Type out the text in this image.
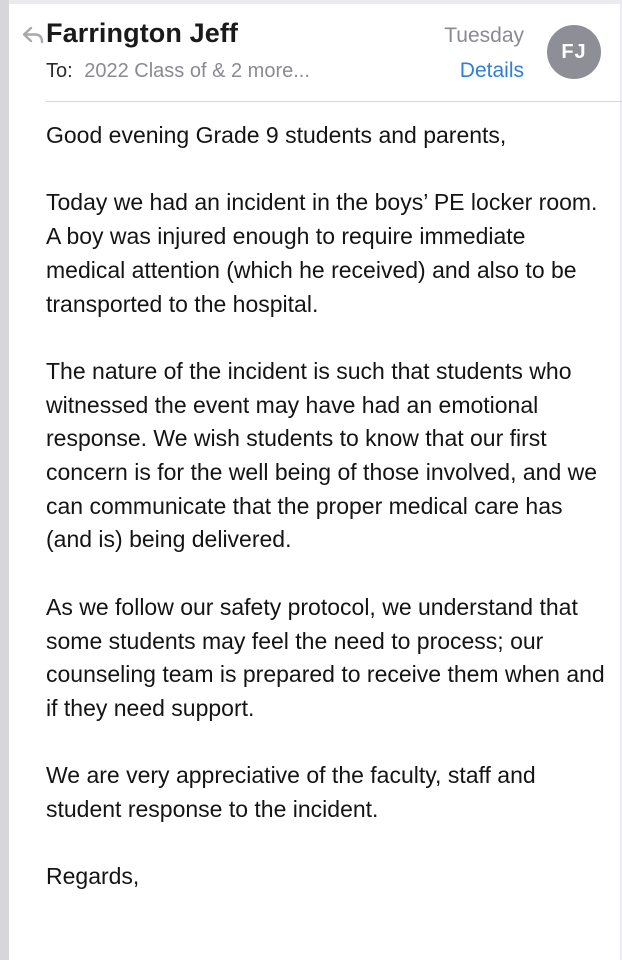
Farrington Jeff
To: 2022 Class of & 2 more...
Tuesday
Details
FJ

Good evening Grade 9 students and parents,

Today we had an incident in the boys’ PE locker room. A boy was injured enough to require immediate medical attention (which he received) and also to be transported to the hospital.

The nature of the incident is such that students who witnessed the event may have had an emotional response. We wish students to know that our first concern is for the well being of those involved, and we can communicate that the proper medical care has (and is) being delivered.

As we follow our safety protocol, we understand that some students may feel the need to process; our counseling team is prepared to receive them when and if they need support.

We are very appreciative of the faculty, staff and student response to the incident.

Regards,
